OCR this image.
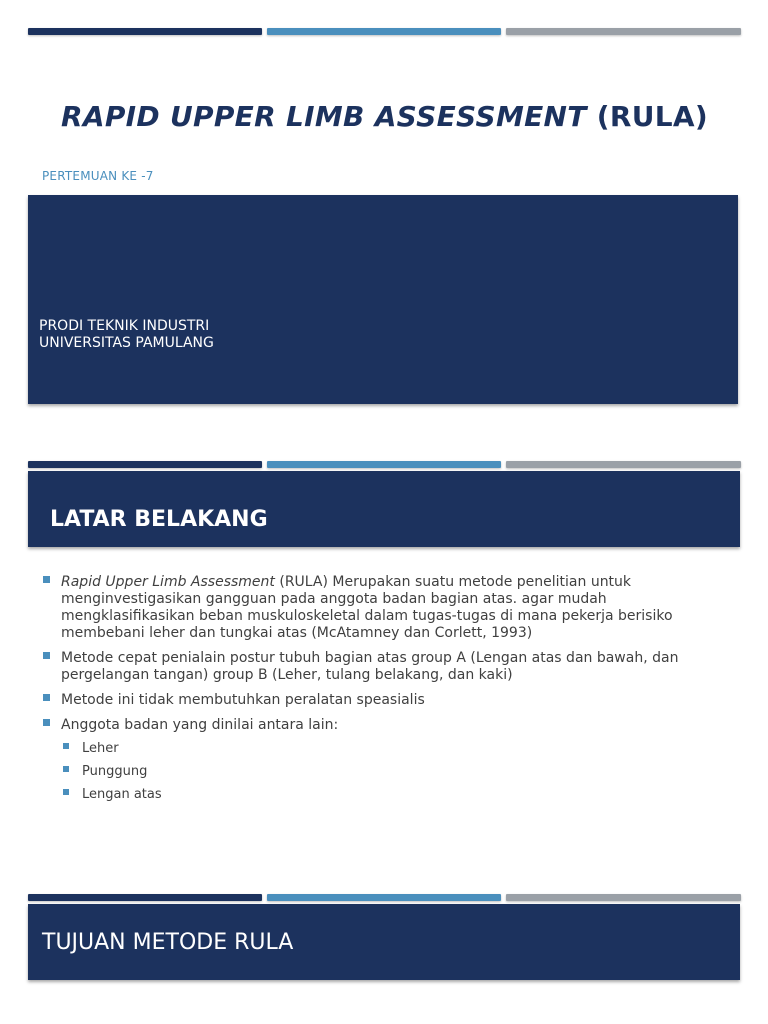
RAPID UPPER LIMB ASSESSMENT (RULA)
PERTEMUAN KE -7
PRODI TEKNIK INDUSTRI
UNIVERSITAS PAMULANG
LATAR BELAKANG
Rapid Upper Limb Assessment (RULA) Merupakan suatu metode penelitian untuk menginvestigasikan gangguan pada anggota badan bagian atas. agar mudah mengklasifikasikan beban muskuloskeletal dalam tugas-tugas di mana pekerja berisiko membebani leher dan tungkai atas (McAtamney dan Corlett, 1993)
Metode cepat penialain postur tubuh bagian atas group A (Lengan atas dan bawah, dan pergelangan tangan) group B (Leher, tulang belakang, dan kaki)
Metode ini tidak membutuhkan peralatan speasialis
Anggota badan yang dinilai antara lain:
Leher
Punggung
Lengan atas
TUJUAN METODE RULA
